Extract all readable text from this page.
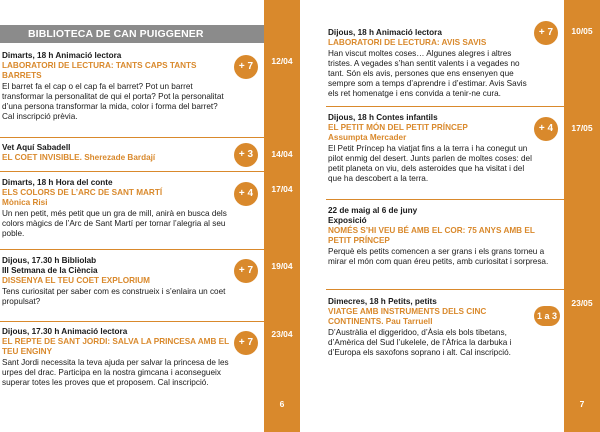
BIBLIOTECA DE CAN PUIGGENER
Dimarts, 18 h Animació lectora
LABORATORI DE LECTURA: TANTS CAPS TANTS BARRETS
El barret fa el cap o el cap fa el barret? Pot un barret transformar la personalitat de qui el porta? Pot la personalitat d’una persona transformar la mida, color i forma del barret? Cal inscripció prèvia.
+ 7
Vet Aquí Sabadell
EL COET INVISIBLE. Sherezade Bardají	+ 3
Dimarts, 18 h Hora del conte
ELS COLORS DE L’ARC DE SANT MARTÍ
Mònica Risi
Un nen petit, més petit que un gra de mill, anirà en busca dels colors màgics de l’Arc de Sant Martí per tornar l’alegria al seu poble.
+ 4
Dijous, 17.30 h Bibliolab
III Setmana de la Ciència
DISSENYA EL TEU COET EXPLORIUM
Tens curiositat per saber com es construeix i s’enlaira un coet propulsat?
+ 7
Dijous, 17.30 h Animació lectora
EL REPTE DE SANT JORDI: SALVA LA PRINCESA AMB EL TEU ENGINY
Sant Jordi necessita la teva ajuda per salvar la princesa de les urpes del drac. Participa en la nostra gimcana i aconsegueix superar totes les proves que et proposem. Cal inscripció.
+ 7
12/04
14/04
17/04
19/04
23/04
6
Dijous, 18 h Animació lectora
LABORATORI DE LECTURA: AVIS SAVIS
Han viscut moltes coses… Algunes alegres i altres tristes. A vegades s’han sentit valents i a vegades no tant. Són els avis, persones que ens ensenyen que sempre som a temps d’aprendre i d’estimar. Avis Savis els ret homenatge i ens convida a tenir-ne cura.
+ 7
Dijous, 18 h Contes infantils
EL PETIT MÓN DEL PETIT PRÍNCEP
Assumpta Mercader
El Petit Príncep ha viatjat fins a la terra i ha conegut un pilot enmig del desert. Junts parlen de moltes coses: del petit planeta on viu, dels asteroides que ha visitat i del que ha descobert a la terra.
+ 4
22 de maig al 6 de juny
Exposició
NOMÉS S’HI VEU BÉ AMB EL COR: 75 ANYS AMB EL PETIT PRÍNCEP
Perquè els petits comencen a ser grans i els grans torneu a mirar el món com quan éreu petits, amb curiositat i sorpresa.
Dimecres, 18 h Petits, petits
VIATGE AMB INSTRUMENTS DELS CINC CONTINENTS. Pau Tarruell
D’Austràlia el diggeridoo, d’Àsia els bols tibetans, d’Amèrica del Sud l’ukelele, de l’Àfrica la darbuka i d’Europa els saxofons soprano i alt. Cal inscripció.
1 a 3
10/05
17/05
23/05
7
